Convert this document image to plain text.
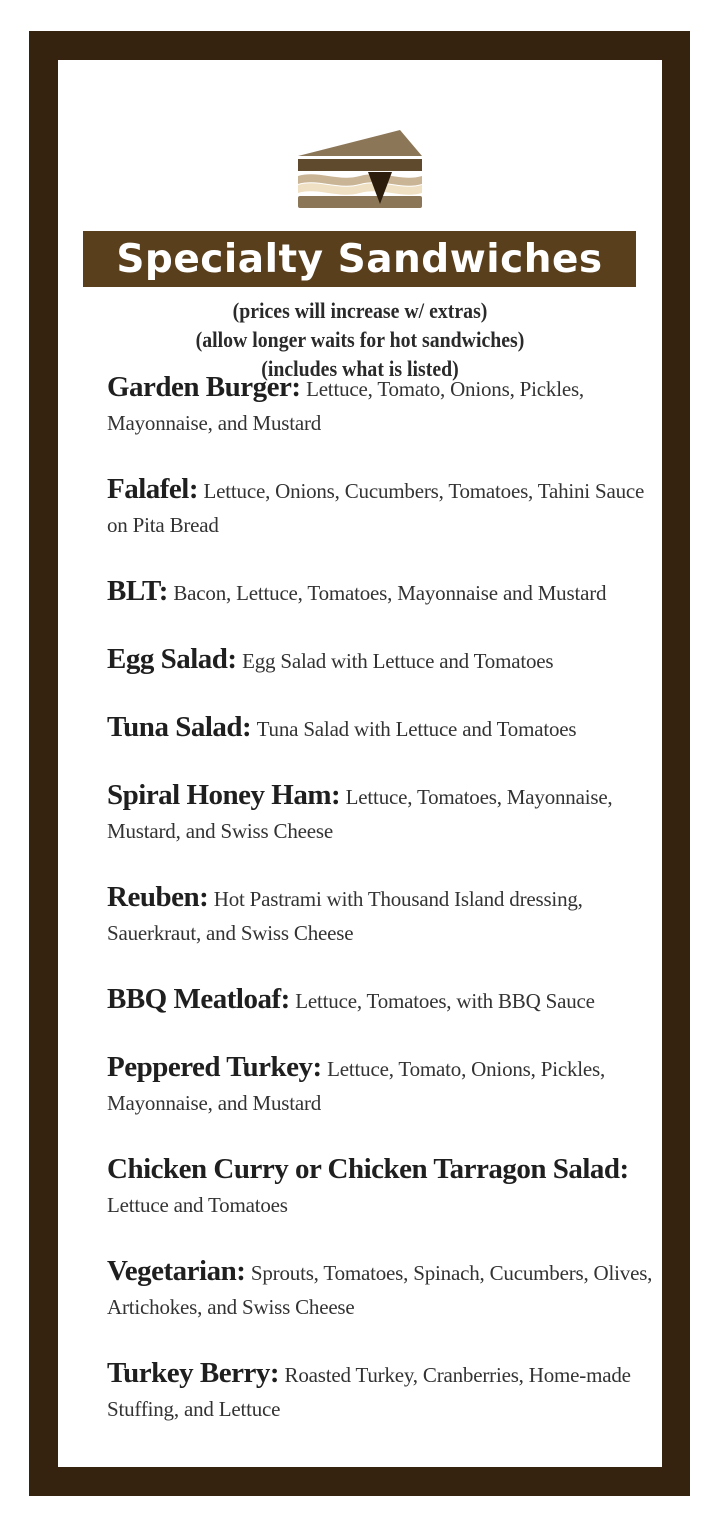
Specialty Sandwiches
(prices will increase w/ extras)
(allow longer waits for hot sandwiches)
(includes what is listed)

Garden Burger: Lettuce, Tomato, Onions, Pickles, Mayonnaise, and Mustard

Falafel: Lettuce, Onions, Cucumbers, Tomatoes, Tahini Sauce on Pita Bread

BLT: Bacon, Lettuce, Tomatoes, Mayonnaise and Mustard

Egg Salad: Egg Salad with Lettuce and Tomatoes

Tuna Salad: Tuna Salad with Lettuce and Tomatoes

Spiral Honey Ham: Lettuce, Tomatoes, Mayonnaise, Mustard, and Swiss Cheese

Reuben: Hot Pastrami with Thousand Island dressing, Sauerkraut, and Swiss Cheese

BBQ Meatloaf: Lettuce, Tomatoes, with BBQ Sauce

Peppered Turkey: Lettuce, Tomato, Onions, Pickles, Mayonnaise, and Mustard

Chicken Curry or Chicken Tarragon Salad: Lettuce and Tomatoes

Vegetarian: Sprouts, Tomatoes, Spinach, Cucumbers, Olives, Artichokes, and Swiss Cheese

Turkey Berry: Roasted Turkey, Cranberries, Home-made Stuffing, and Lettuce
